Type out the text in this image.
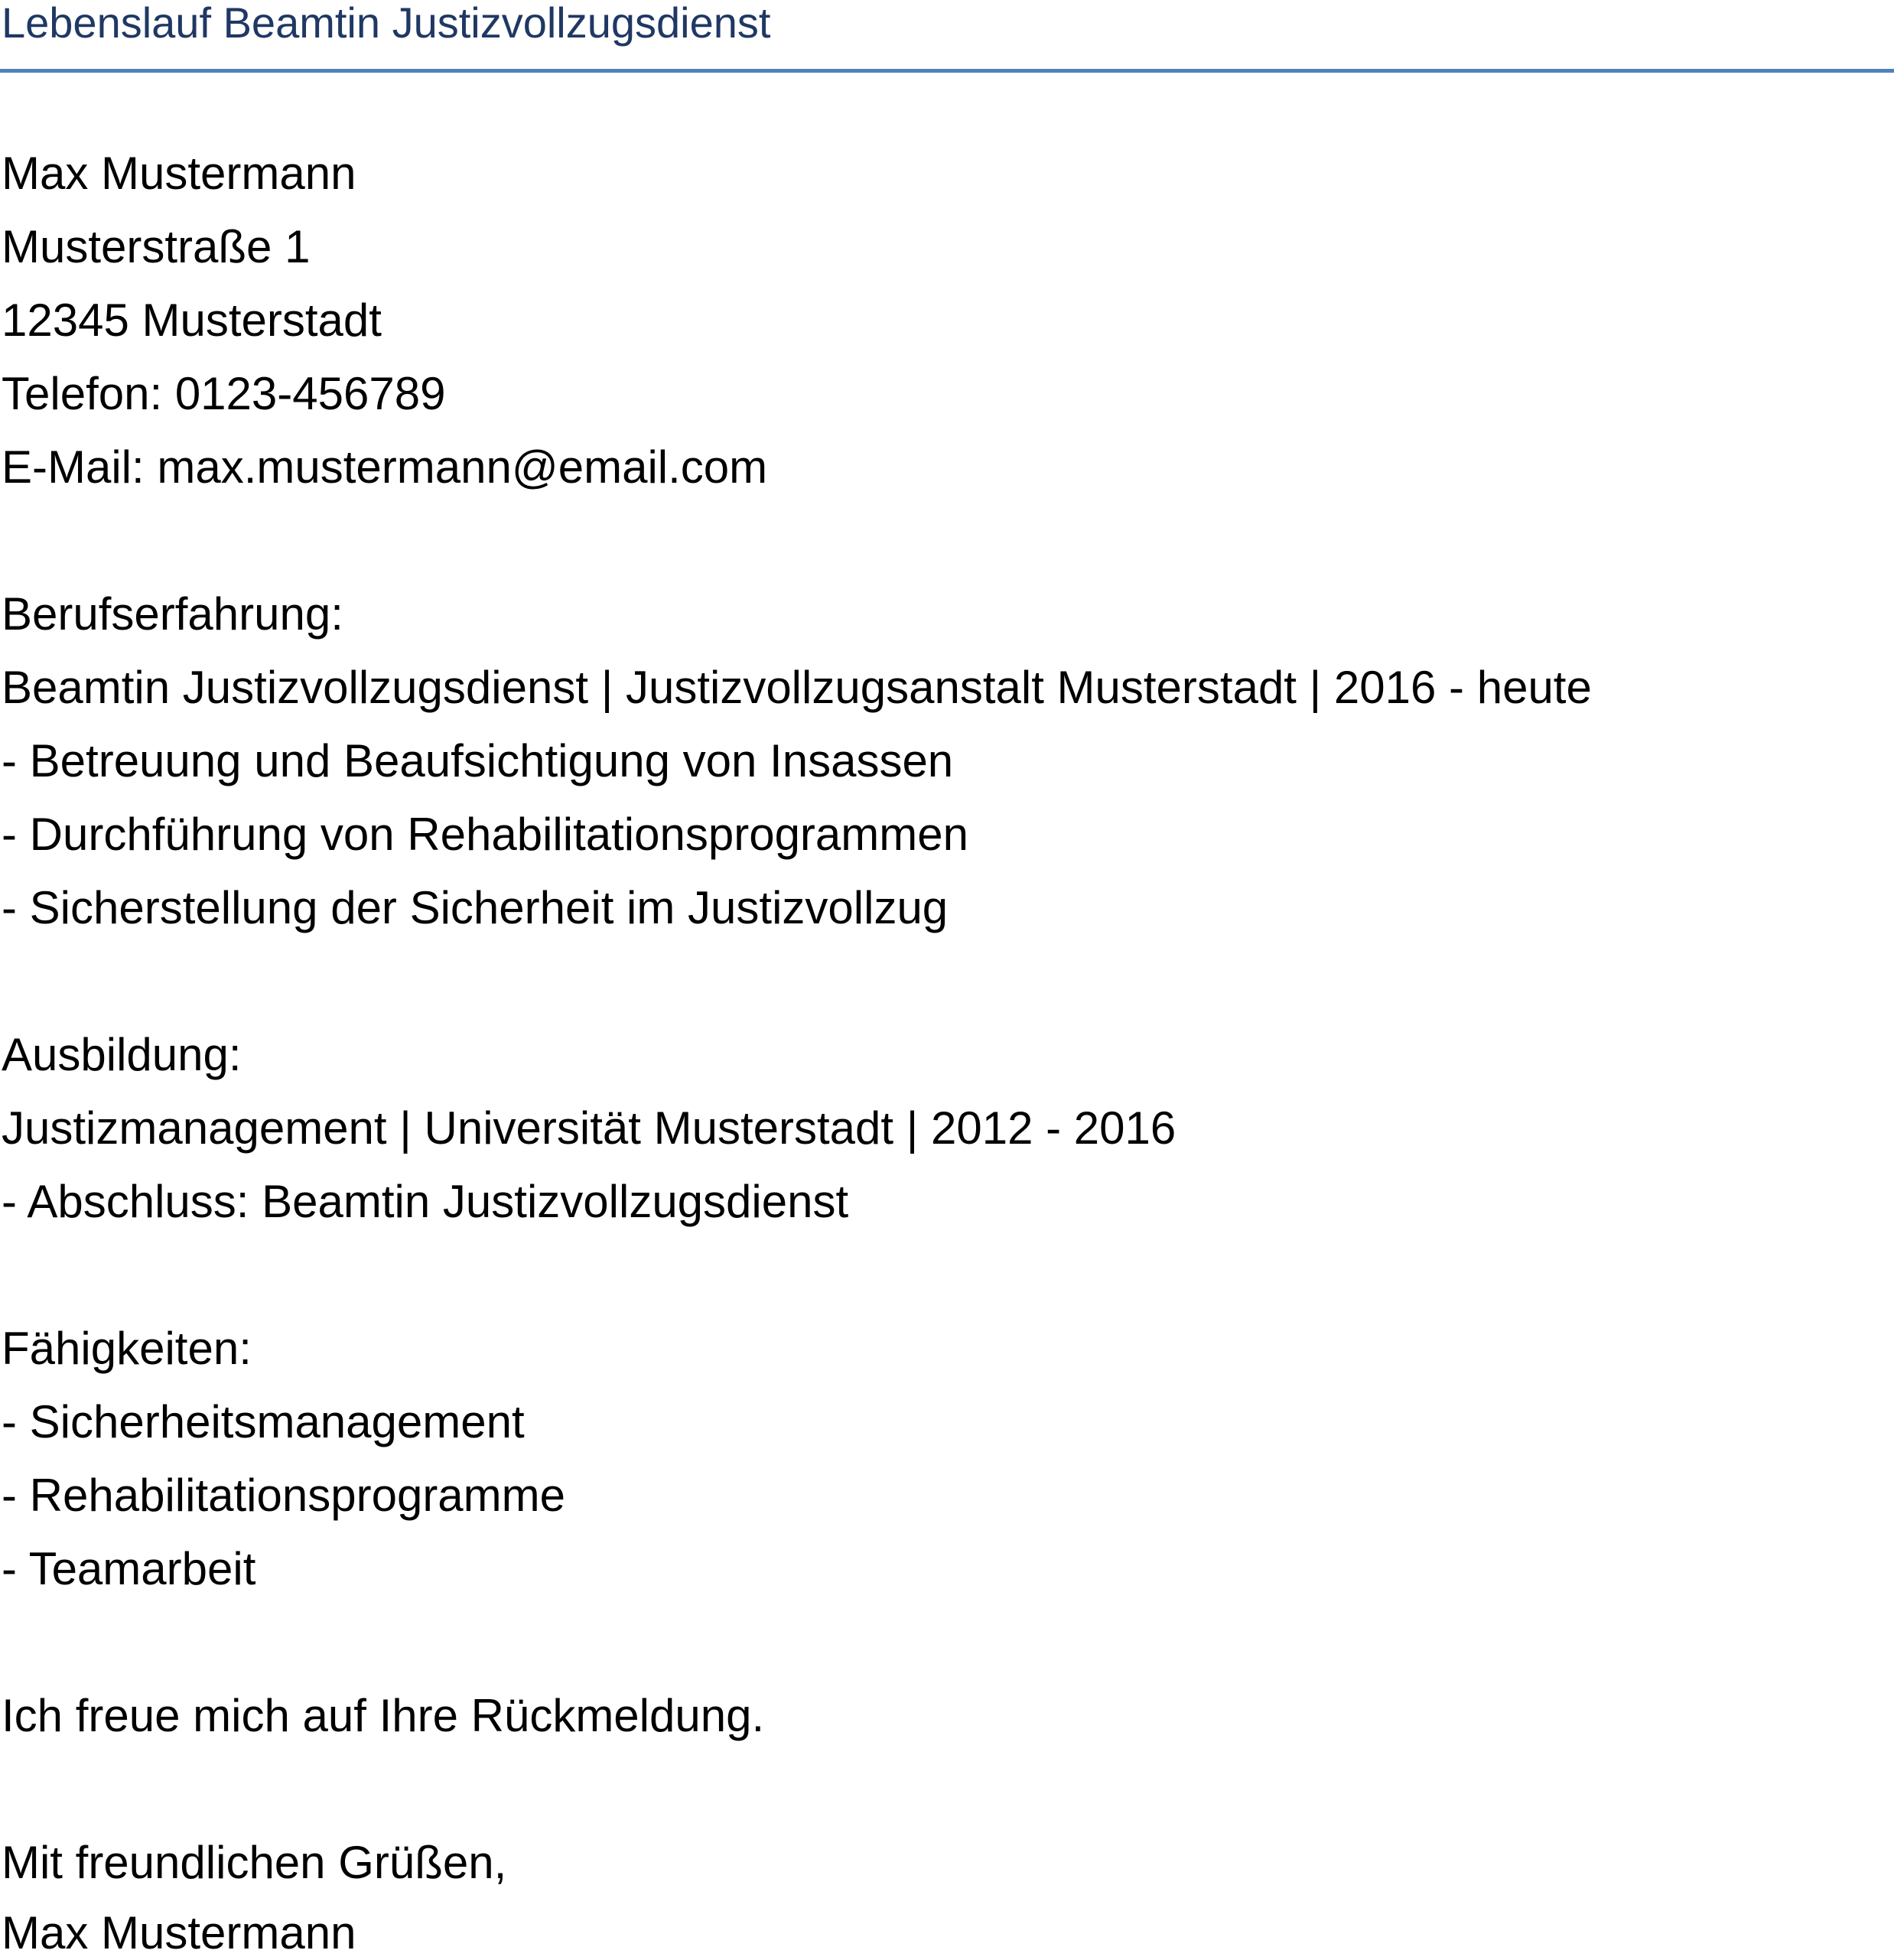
Lebenslauf Beamtin Justizvollzugsdienst
Max Mustermann
Musterstraße 1
12345 Musterstadt
Telefon: 0123-456789
E-Mail: max.mustermann@email.com
Berufserfahrung:
Beamtin Justizvollzugsdienst | Justizvollzugsanstalt Musterstadt | 2016 - heute
- Betreuung und Beaufsichtigung von Insassen
- Durchführung von Rehabilitationsprogrammen
- Sicherstellung der Sicherheit im Justizvollzug
Ausbildung:
Justizmanagement | Universität Musterstadt | 2012 - 2016
- Abschluss: Beamtin Justizvollzugsdienst
Fähigkeiten:
- Sicherheitsmanagement
- Rehabilitationsprogramme
- Teamarbeit
Ich freue mich auf Ihre Rückmeldung.
Mit freundlichen Grüßen,
Max Mustermann
